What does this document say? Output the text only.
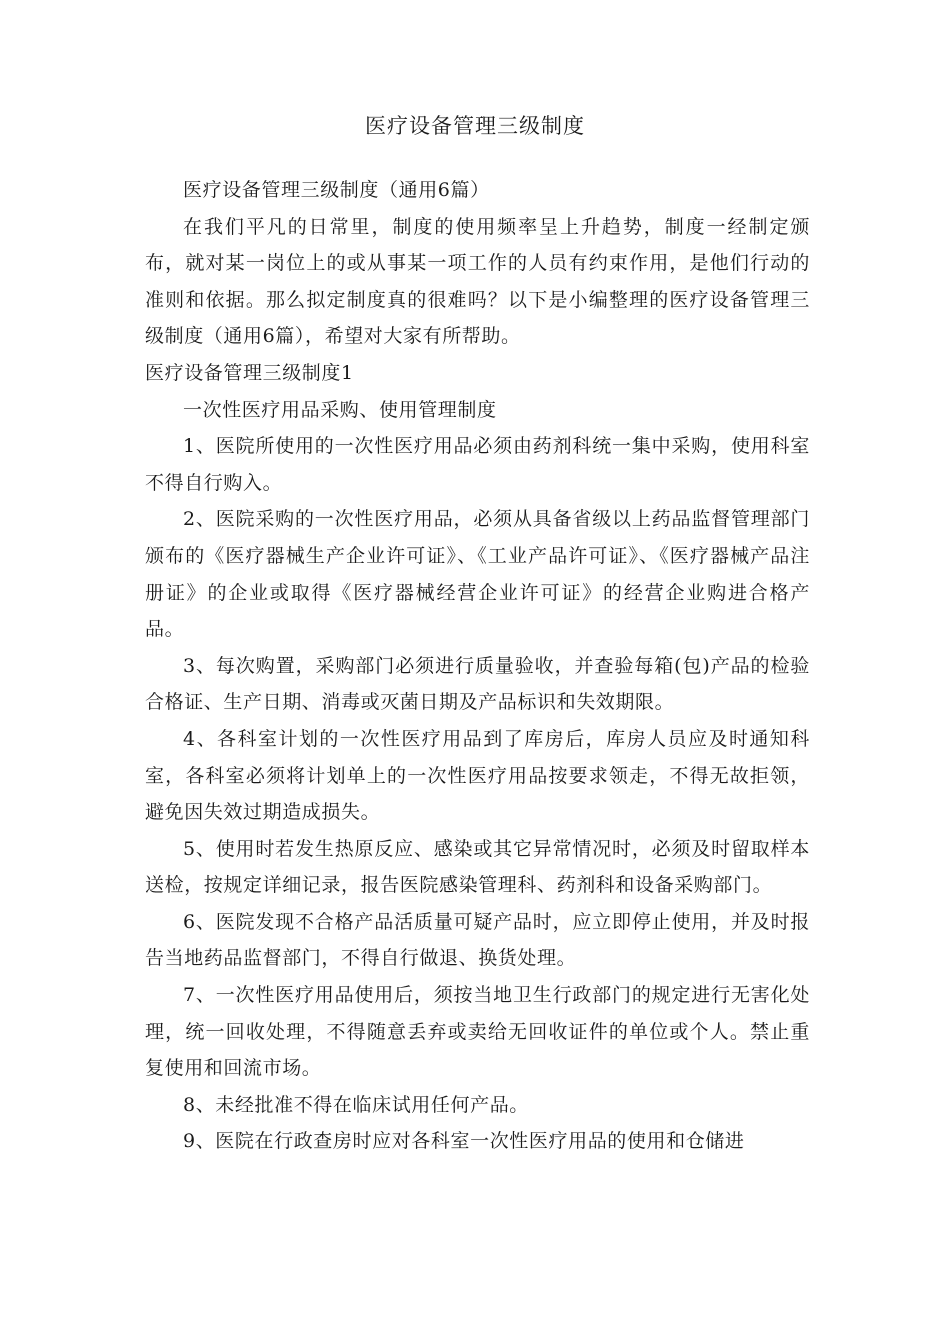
医疗设备管理三级制度

医疗设备管理三级制度（通用6篇）

在我们平凡的日常里，制度的使用频率呈上升趋势，制度一经制定颁布，就对某一岗位上的或从事某一项工作的人员有约束作用，是他们行动的准则和依据。那么拟定制度真的很难吗？以下是小编整理的医疗设备管理三级制度（通用6篇），希望对大家有所帮助。

医疗设备管理三级制度1

一次性医疗用品采购、使用管理制度

1、医院所使用的一次性医疗用品必须由药剂科统一集中采购，使用科室不得自行购入。

2、医院采购的一次性医疗用品，必须从具备省级以上药品监督管理部门颁布的《医疗器械生产企业许可证》、《工业产品许可证》、《医疗器械产品注册证》的企业或取得《医疗器械经营企业许可证》的经营企业购进合格产品。

3、每次购置，采购部门必须进行质量验收，并查验每箱(包)产品的检验合格证、生产日期、消毒或灭菌日期及产品标识和失效期限。

4、各科室计划的一次性医疗用品到了库房后，库房人员应及时通知科室，各科室必须将计划单上的一次性医疗用品按要求领走，不得无故拒领，避免因失效过期造成损失。

5、使用时若发生热原反应、感染或其它异常情况时，必须及时留取样本送检，按规定详细记录，报告医院感染管理科、药剂科和设备采购部门。

6、医院发现不合格产品活质量可疑产品时，应立即停止使用，并及时报告当地药品监督部门，不得自行做退、换货处理。

7、一次性医疗用品使用后，须按当地卫生行政部门的规定进行无害化处理，统一回收处理，不得随意丢弃或卖给无回收证件的单位或个人。禁止重复使用和回流市场。

8、未经批准不得在临床试用任何产品。

9、医院在行政查房时应对各科室一次性医疗用品的使用和仓储进
